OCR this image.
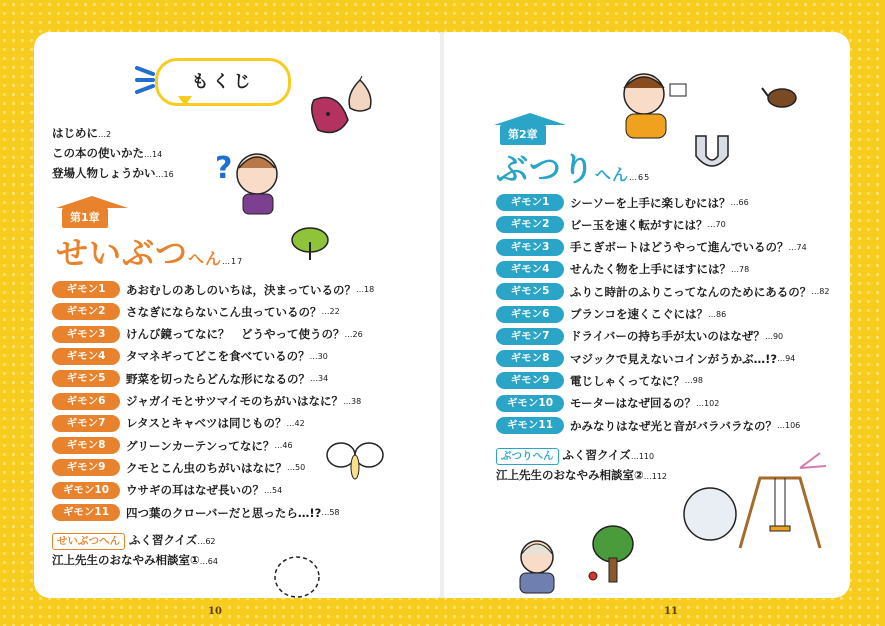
もくじ
?
はじめに…2
この本の使いかた…14
登場人物しょうかい…16
第1章
せいぶつへん…17
ギモン1	あおむしのあしのいちは，決まっているの？ …18
ギモン2	さなぎにならないこん虫っているの？ …22
ギモン3	けんび鏡ってなに？　どうやって使うの？ …26
ギモン4	タマネギってどこを食べているの？ …30
ギモン5	野菜を切ったらどんな形になるの？ …34
ギモン6	ジャガイモとサツマイモのちがいはなに？ …38
ギモン7	レタスとキャベツは同じもの？ …42
ギモン8	グリーンカーテンってなに？ …46
ギモン9	クモとこん虫のちがいはなに？ …50
ギモン10	ウサギの耳はなぜ長いの？ …54
ギモン11	四つ葉のクローバーだと思ったら…!? …58
せいぶつへん ふく習クイズ…62
江上先生のおなやみ相談室①…64
第2章
ぶつりへん…65
ギモン1	シーソーを上手に楽しむには？ …66
ギモン2	ビー玉を速く転がすには？ …70
ギモン3	手こぎボートはどうやって進んでいるの？ …74
ギモン4	せんたく物を上手にほすには？ …78
ギモン5	ふりこ時計のふりこってなんのためにあるの？ …82
ギモン6	ブランコを速くこぐには？ …86
ギモン7	ドライバーの持ち手が太いのはなぜ？ …90
ギモン8	マジックで見えないコインがうかぶ…!? …94
ギモン9	電じしゃくってなに？ …98
ギモン10	モーターはなぜ回るの？ …102
ギモン11	かみなりはなぜ光と音がバラバラなの？ …106
ぶつりへん ふく習クイズ…110
江上先生のおなやみ相談室②…112
10	11
